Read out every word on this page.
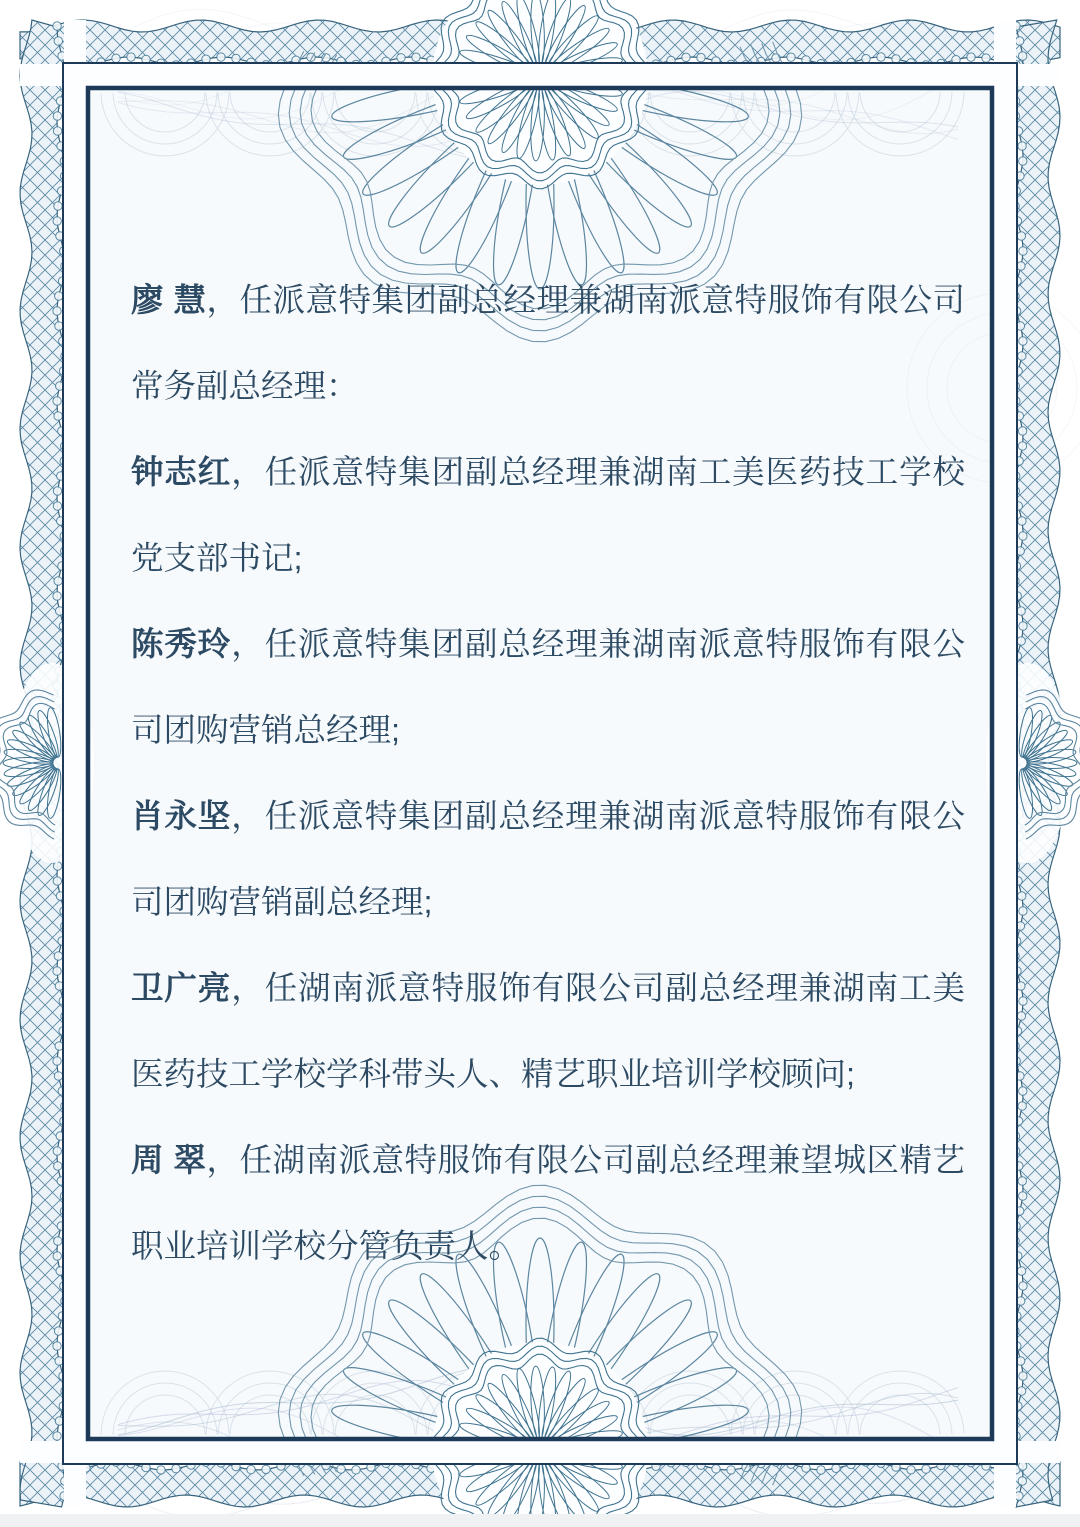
廖 慧，任派意特集团副总经理兼湖南派意特服饰有限公司

常务副总经理：

钟志红，任派意特集团副总经理兼湖南工美医药技工学校

党支部书记;

陈秀玲，任派意特集团副总经理兼湖南派意特服饰有限公

司团购营销总经理;

肖永坚，任派意特集团副总经理兼湖南派意特服饰有限公

司团购营销副总经理;

卫广亮，任湖南派意特服饰有限公司副总经理兼湖南工美

医药技工学校学科带头人、精艺职业培训学校顾问;

周 翠，任湖南派意特服饰有限公司副总经理兼望城区精艺

职业培训学校分管负责人。
